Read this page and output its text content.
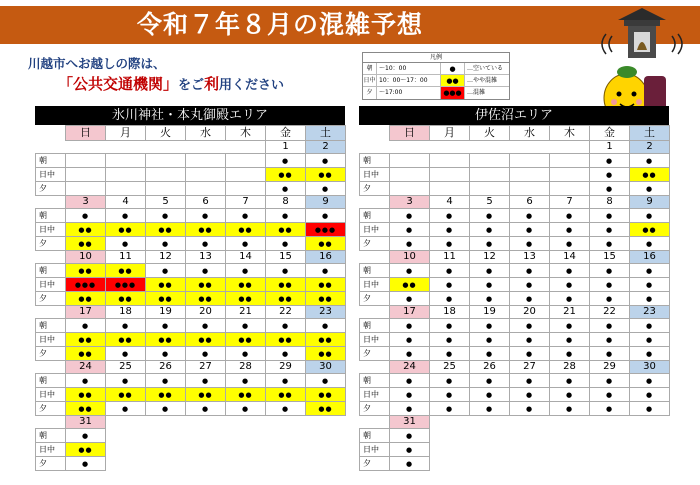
令和７年８月の混雑予想
川越市へお越しの際は、
「公共交通機関」をご利用ください
凡例
朝	～10：00	●	…空いている
日中 10：00～17：00	●●	…やや混雑
夕	～17:00	●●● …混雑
氷川神社・本丸御殿エリア
	日	月	火	水	木	金	土
						1	2
朝						●	●
日中						●●	●●
夕						●	●
	3	4	5	6	7	8	9
朝	●	●	●	●	●	●	●
日中	●●	●●	●●	●●	●●	●●	●●●
夕	●●	●	●	●	●	●	●●
	10	11	12	13	14	15	16
朝	●●	●●	●	●	●	●	●
日中	●●●	●●●	●●	●●	●●	●●	●●
夕	●●	●●	●●	●●	●●	●●	●●
	17	18	19	20	21	22	23
朝	●	●	●	●	●	●	●
日中	●●	●●	●●	●●	●●	●●	●●
夕	●●	●	●	●	●	●	●●
	24	25	26	27	28	29	30
朝	●	●	●	●	●	●	●
日中	●●	●●	●●	●●	●●	●●	●●
夕	●●	●	●	●	●	●	●●
	31						
朝	●						
日中	●●						
夕	●						
伊佐沼エリア
	日	月	火	水	木	金	土
						1	2
朝						●	●
日中						●	●●
夕						●	●
	3	4	5	6	7	8	9
朝	●	●	●	●	●	●	●
日中	●	●	●	●	●	●	●●
夕	●	●	●	●	●	●	●
	10	11	12	13	14	15	16
朝	●	●	●	●	●	●	●
日中	●●	●	●	●	●	●	●
夕	●	●	●	●	●	●	●
	17	18	19	20	21	22	23
朝	●	●	●	●	●	●	●
日中	●	●	●	●	●	●	●
夕	●	●	●	●	●	●	●
	24	25	26	27	28	29	30
朝	●	●	●	●	●	●	●
日中	●	●	●	●	●	●	●
夕	●	●	●	●	●	●	●
	31						
朝	●						
日中	●						
夕	●						
